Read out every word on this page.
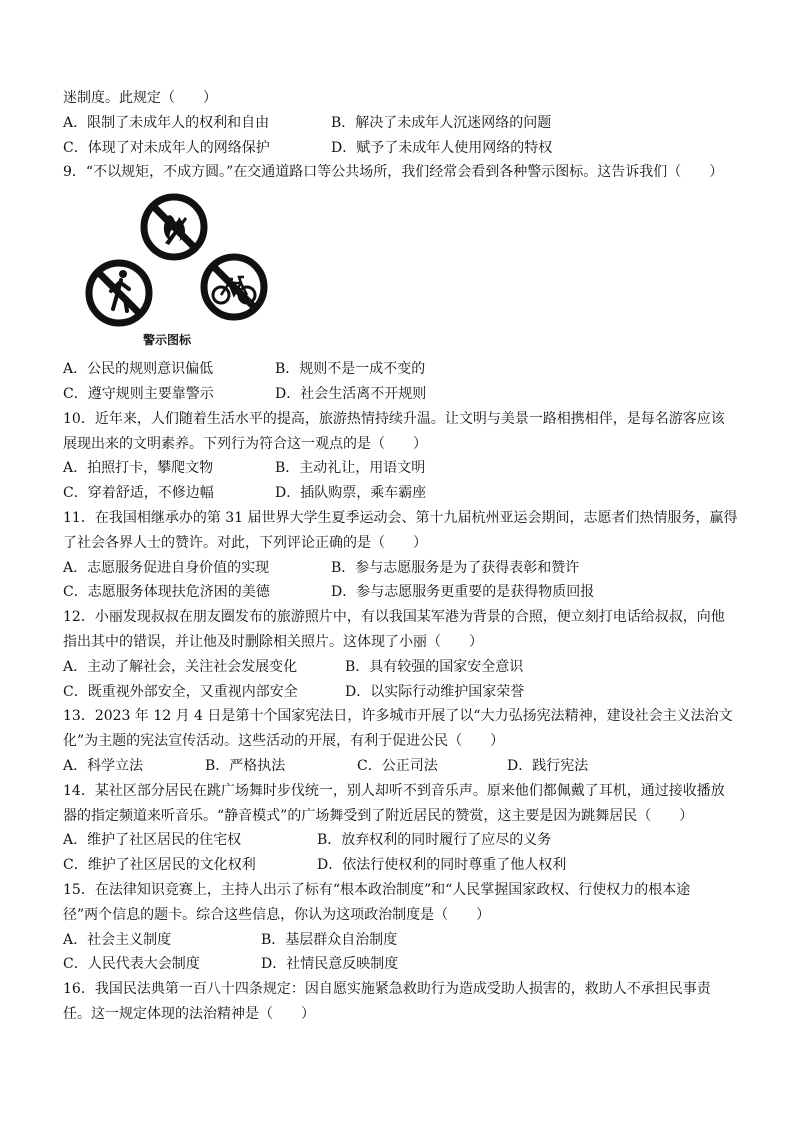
迷制度。此规定（　　）
A．限制了未成年人的权利和自由	B．解决了未成年人沉迷网络的问题
C．体现了对未成年人的网络保护	D．赋予了未成年人使用网络的特权
9．“不以规矩，不成方圆。”在交通道路口等公共场所，我们经常会看到各种警示图标。这告诉我们（　　）
警示图标
A．公民的规则意识偏低	B．规则不是一成不变的
C．遵守规则主要靠警示	D．社会生活离不开规则
10．近年来，人们随着生活水平的提高，旅游热情持续升温。让文明与美景一路相携相伴，是每名游客应该
展现出来的文明素养。下列行为符合这一观点的是（　　）
A．拍照打卡，攀爬文物	B．主动礼让，用语文明
C．穿着舒适，不修边幅	D．插队购票，乘车霸座
11．在我国相继承办的第 31 届世界大学生夏季运动会、第十九届杭州亚运会期间，志愿者们热情服务，赢得
了社会各界人士的赞许。对此，下列评论正确的是（　　）
A．志愿服务促进自身价值的实现	B．参与志愿服务是为了获得表彰和赞许
C．志愿服务体现扶危济困的美德	D．参与志愿服务更重要的是获得物质回报
12．小丽发现叔叔在朋友圈发布的旅游照片中，有以我国某军港为背景的合照，便立刻打电话给叔叔，向他
指出其中的错误，并让他及时删除相关照片。这体现了小丽（　　）
A．主动了解社会，关注社会发展变化	B．具有较强的国家安全意识
C．既重视外部安全，又重视内部安全	D．以实际行动维护国家荣誉
13．2023 年 12 月 4 日是第十个国家宪法日，许多城市开展了以“大力弘扬宪法精神，建设社会主义法治文
化”为主题的宪法宣传活动。这些活动的开展，有利于促进公民（　　）
A．科学立法	B．严格执法	C．公正司法	D．践行宪法
14．某社区部分居民在跳广场舞时步伐统一，别人却听不到音乐声。原来他们都佩戴了耳机，通过接收播放
器的指定频道来听音乐。“静音模式”的广场舞受到了附近居民的赞赏，这主要是因为跳舞居民（　　）
A．维护了社区居民的住宅权	B．放弃权利的同时履行了应尽的义务
C．维护了社区居民的文化权利	D．依法行使权利的同时尊重了他人权利
15．在法律知识竞赛上，主持人出示了标有“根本政治制度”和“人民掌握国家政权、行使权力的根本途
径”两个信息的题卡。综合这些信息，你认为这项政治制度是（　　）
A．社会主义制度	B．基层群众自治制度
C．人民代表大会制度	D．社情民意反映制度
16．我国民法典第一百八十四条规定：因自愿实施紧急救助行为造成受助人损害的，救助人不承担民事责
任。这一规定体现的法治精神是（　　）
